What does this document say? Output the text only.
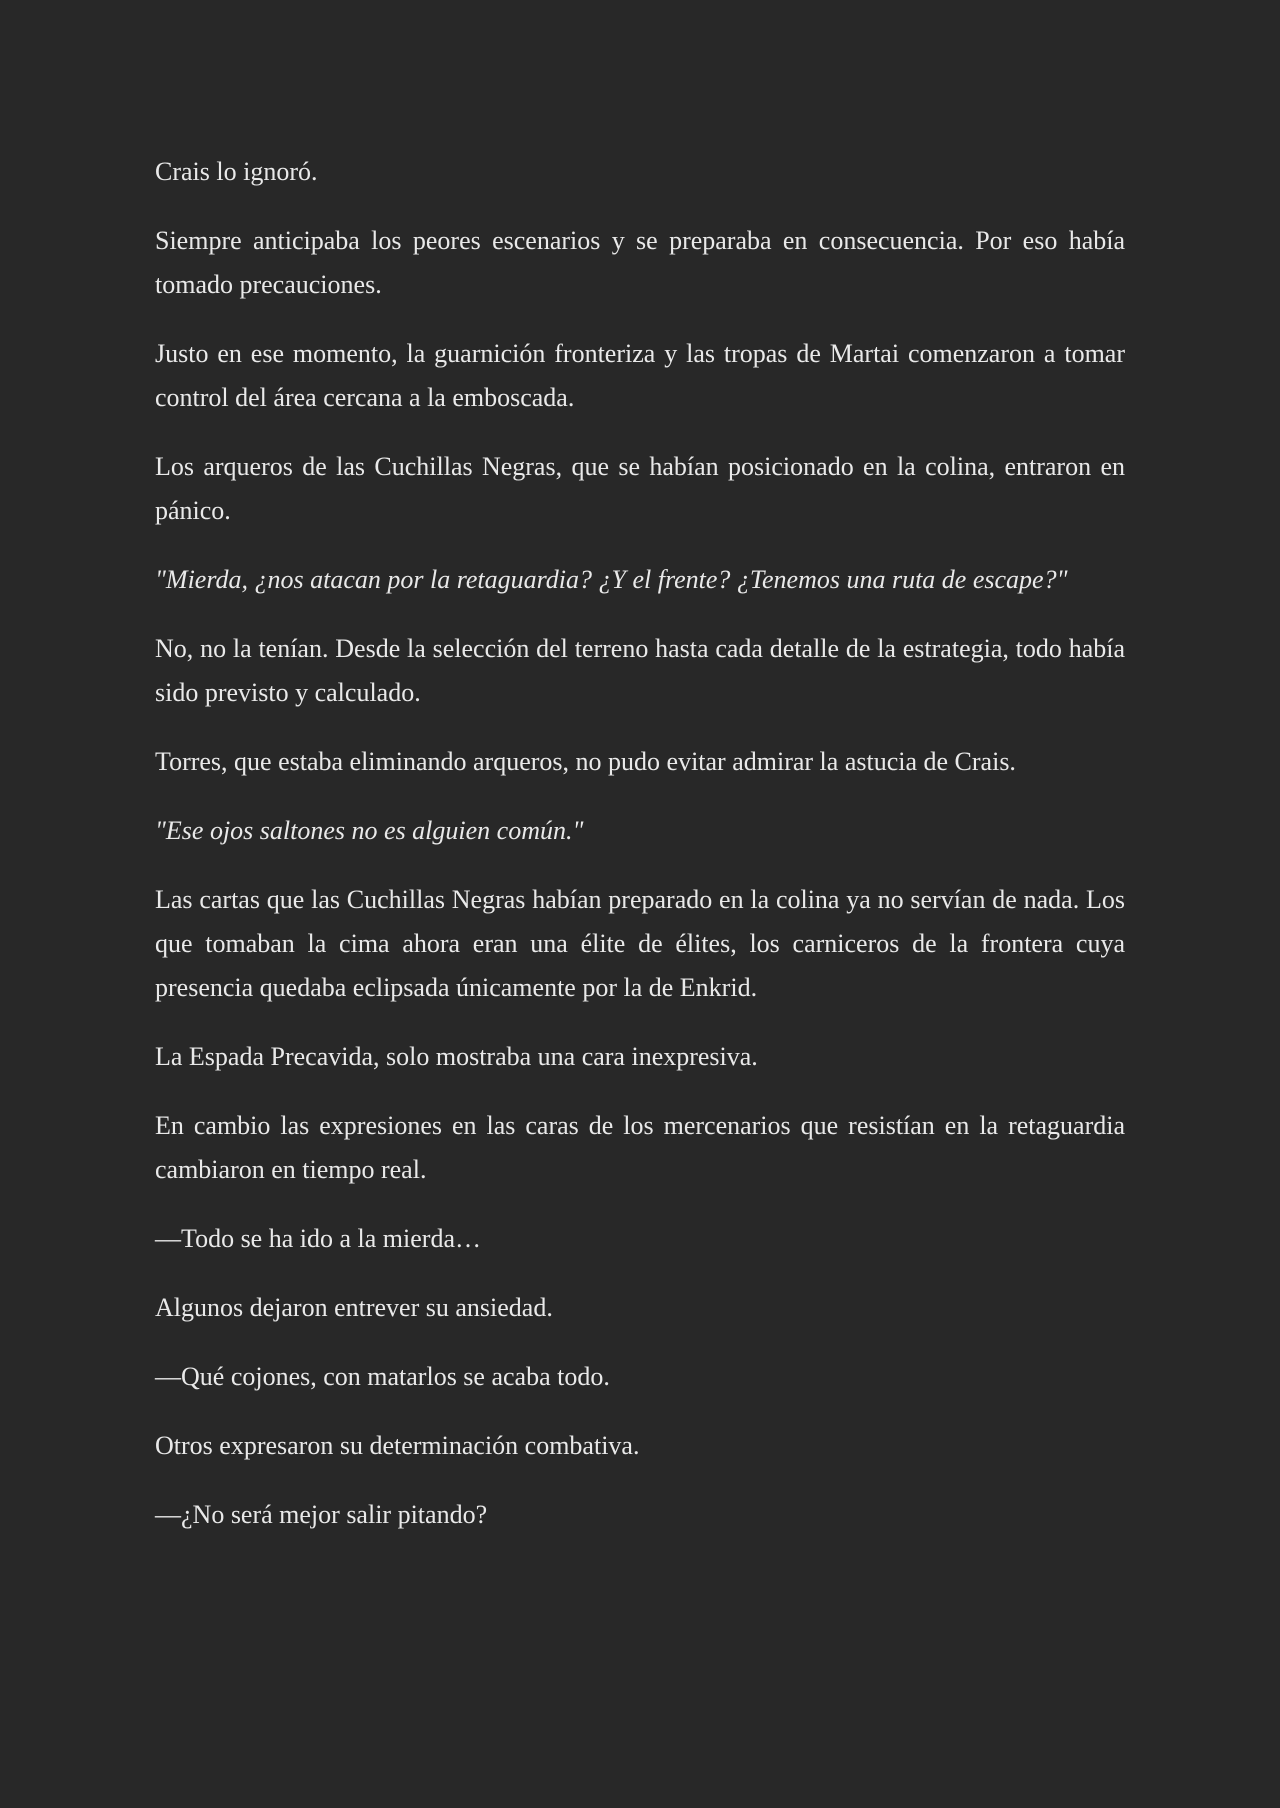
Crais lo ignoró.

Siempre anticipaba los peores escenarios y se preparaba en consecuencia. Por eso había tomado precauciones.

Justo en ese momento, la guarnición fronteriza y las tropas de Martai comenzaron a tomar control del área cercana a la emboscada.

Los arqueros de las Cuchillas Negras, que se habían posicionado en la colina, entraron en pánico.

"Mierda, ¿nos atacan por la retaguardia? ¿Y el frente? ¿Tenemos una ruta de escape?"

No, no la tenían. Desde la selección del terreno hasta cada detalle de la estrategia, todo había sido previsto y calculado.

Torres, que estaba eliminando arqueros, no pudo evitar admirar la astucia de Crais.

"Ese ojos saltones no es alguien común."

Las cartas que las Cuchillas Negras habían preparado en la colina ya no servían de nada. Los que tomaban la cima ahora eran una élite de élites, los carniceros de la frontera cuya presencia quedaba eclipsada únicamente por la de Enkrid.

La Espada Precavida, solo mostraba una cara inexpresiva.

En cambio las expresiones en las caras de los mercenarios que resistían en la retaguardia cambiaron en tiempo real.

—Todo se ha ido a la mierda…

Algunos dejaron entrever su ansiedad.

—Qué cojones, con matarlos se acaba todo.

Otros expresaron su determinación combativa.

—¿No será mejor salir pitando?
